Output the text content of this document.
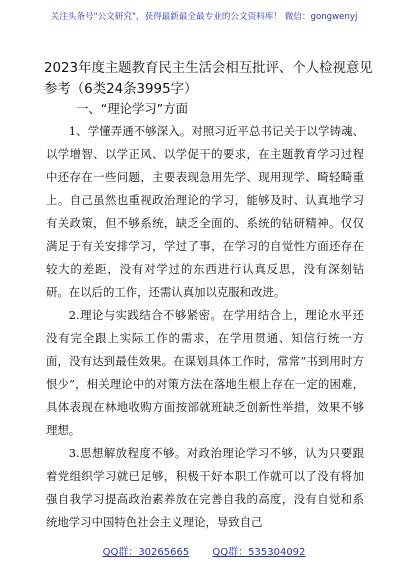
关注头条号"公文研究"，获得最新最全最专业的公文资料库！ 微信：gongwenyj
2023年度主题教育民主生活会相互批评、个人检视意见参考（6类24条3995字）
一、“理论学习”方面

1、学懂弄通不够深入。对照习近平总书记关于以学铸魂、以学增智、以学正风、以学促干的要求，在主题教育学习过程中还存在一些问题，主要表现急用先学、现用现学、畸轻畸重上。自己虽然也重视政治理论的学习，能够及时、认真地学习有关政策，但不够系统，缺乏全面的、系统的钻研精神。仅仅满足于有关安排学习，学过了事，在学习的自觉性方面还存在较大的差距，没有对学过的东西进行认真反思，没有深刻钻研。在以后的工作，还需认真加以克服和改进。

2.理论与实践结合不够紧密。在学用结合上，理论水平还没有完全跟上实际工作的需求，在学用贯通、知信行统一方面，没有达到最佳效果。在谋划具体工作时，常常“书到用时方恨少”，相关理论中的对策方法在落地生根上存在一定的困难，具体表现在林地收购方面按部就班缺乏创新性举措，效果不够理想。

3.思想解放程度不够。对政治理论学习不够，认为只要跟着党组织学习就已足够，积极干好本职工作就可以了没有将加强自我学习提高政治素养放在完善自我的高度，没有自觉和系统地学习中国特色社会主义理论，导致自己

QQ群：30265665 QQ群：535304092
